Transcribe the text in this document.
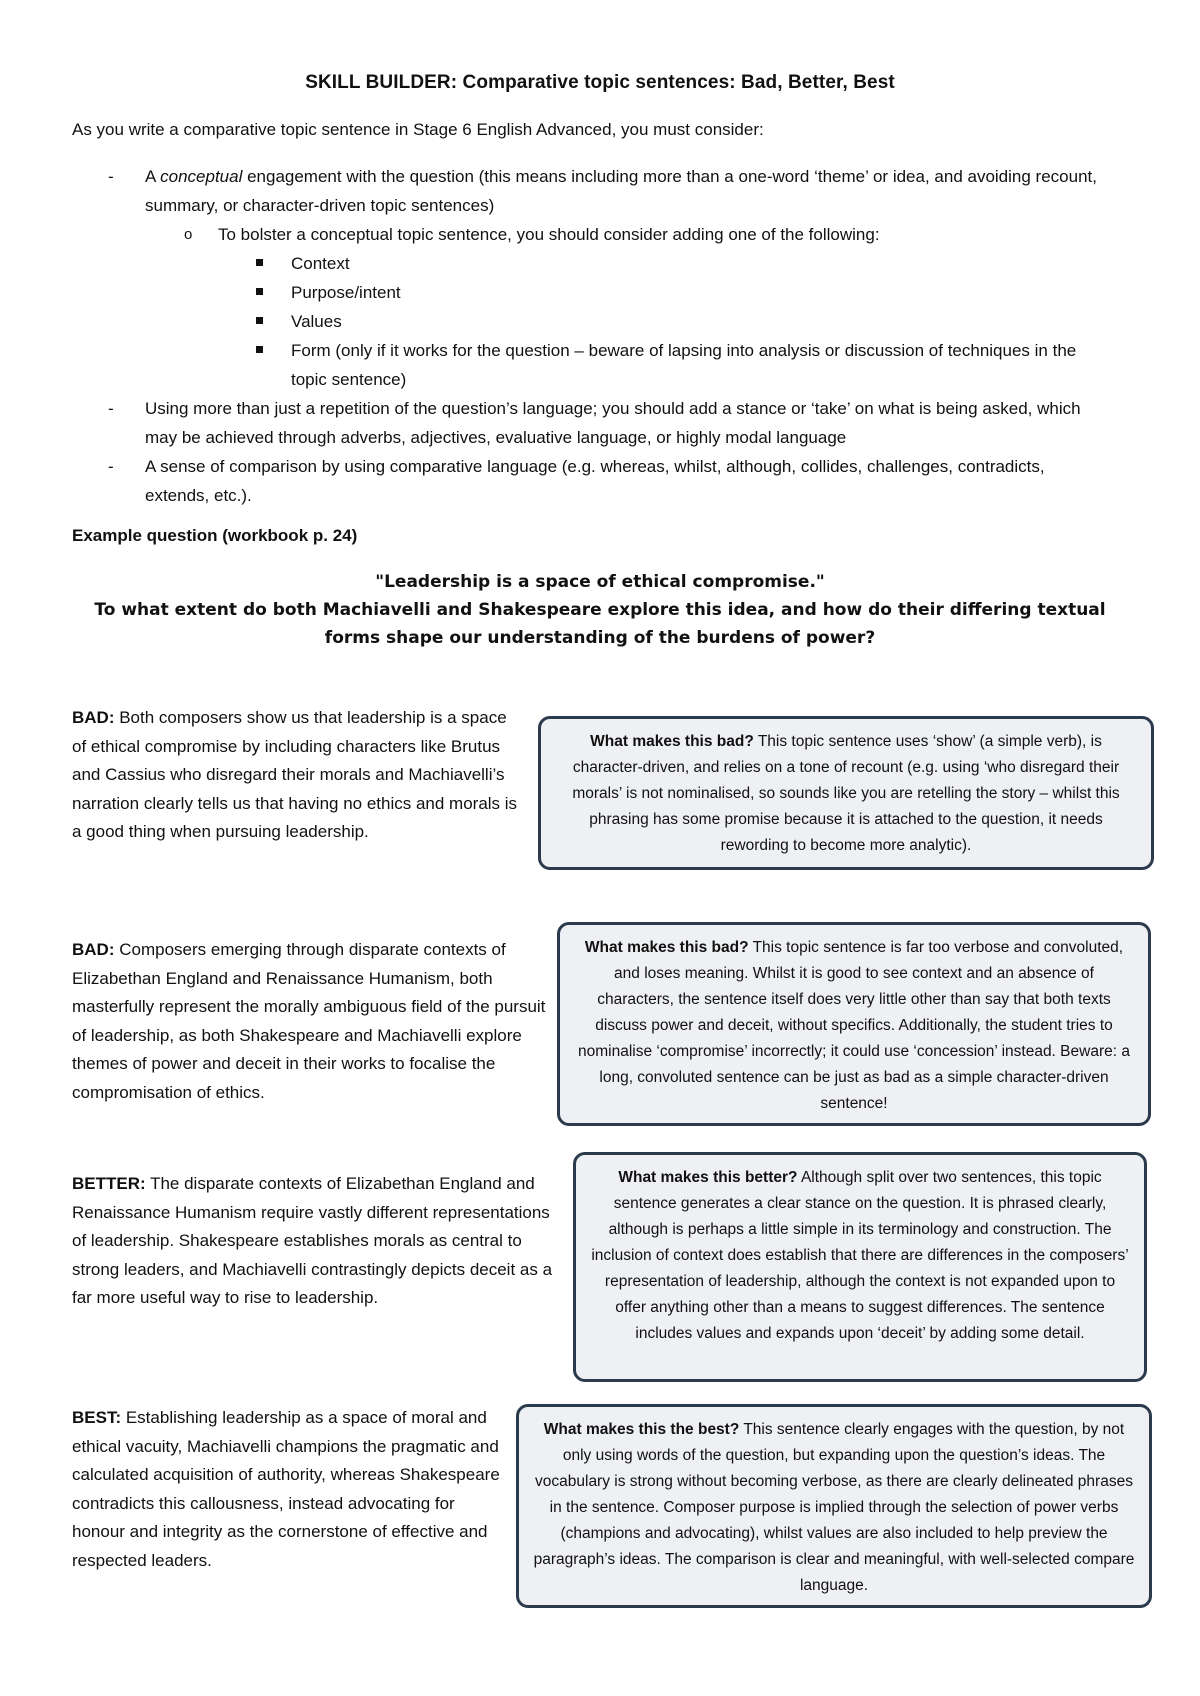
SKILL BUILDER: Comparative topic sentences: Bad, Better, Best
As you write a comparative topic sentence in Stage 6 English Advanced, you must consider:
- A conceptual engagement with the question (this means including more than a one-word ‘theme’ or idea, and avoiding recount, summary, or character-driven topic sentences)
o To bolster a conceptual topic sentence, you should consider adding one of the following:
Context
Purpose/intent
Values
Form (only if it works for the question – beware of lapsing into analysis or discussion of techniques in the topic sentence)
- Using more than just a repetition of the question’s language; you should add a stance or ‘take’ on what is being asked, which may be achieved through adverbs, adjectives, evaluative language, or highly modal language
- A sense of comparison by using comparative language (e.g. whereas, whilst, although, collides, challenges, contradicts, extends, etc.).
Example question (workbook p. 24)
"Leadership is a space of ethical compromise."
To what extent do both Machiavelli and Shakespeare explore this idea, and how do their differing textual forms shape our understanding of the burdens of power?
BAD: Both composers show us that leadership is a space of ethical compromise by including characters like Brutus and Cassius who disregard their morals and Machiavelli’s narration clearly tells us that having no ethics and morals is a good thing when pursuing leadership.
What makes this bad? This topic sentence uses ‘show’ (a simple verb), is character-driven, and relies on a tone of recount (e.g. using ‘who disregard their morals’ is not nominalised, so sounds like you are retelling the story – whilst this phrasing has some promise because it is attached to the question, it needs rewording to become more analytic).
BAD: Composers emerging through disparate contexts of Elizabethan England and Renaissance Humanism, both masterfully represent the morally ambiguous field of the pursuit of leadership, as both Shakespeare and Machiavelli explore themes of power and deceit in their works to focalise the compromisation of ethics.
What makes this bad? This topic sentence is far too verbose and convoluted, and loses meaning. Whilst it is good to see context and an absence of characters, the sentence itself does very little other than say that both texts discuss power and deceit, without specifics. Additionally, the student tries to nominalise ‘compromise’ incorrectly; it could use ‘concession’ instead. Beware: a long, convoluted sentence can be just as bad as a simple character-driven sentence!
BETTER: The disparate contexts of Elizabethan England and Renaissance Humanism require vastly different representations of leadership. Shakespeare establishes morals as central to strong leaders, and Machiavelli contrastingly depicts deceit as a far more useful way to rise to leadership.
What makes this better? Although split over two sentences, this topic sentence generates a clear stance on the question. It is phrased clearly, although is perhaps a little simple in its terminology and construction. The inclusion of context does establish that there are differences in the composers’ representation of leadership, although the context is not expanded upon to offer anything other than a means to suggest differences. The sentence includes values and expands upon ‘deceit’ by adding some detail.
BEST: Establishing leadership as a space of moral and ethical vacuity, Machiavelli champions the pragmatic and calculated acquisition of authority, whereas Shakespeare contradicts this callousness, instead advocating for honour and integrity as the cornerstone of effective and respected leaders.
What makes this the best? This sentence clearly engages with the question, by not only using words of the question, but expanding upon the question’s ideas. The vocabulary is strong without becoming verbose, as there are clearly delineated phrases in the sentence. Composer purpose is implied through the selection of power verbs (champions and advocating), whilst values are also included to help preview the paragraph’s ideas. The comparison is clear and meaningful, with well-selected compare language.
